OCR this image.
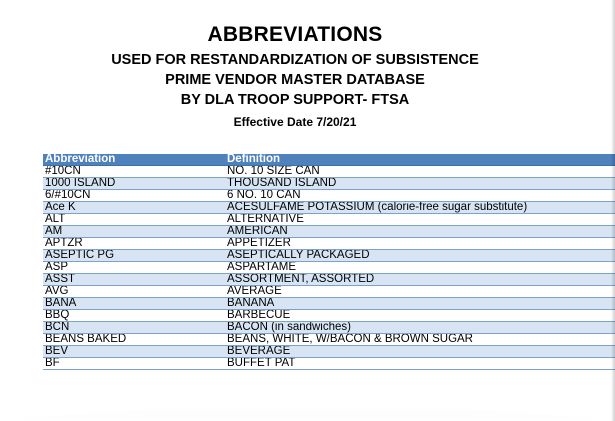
ABBREVIATIONS
USED FOR RESTANDARDIZATION OF SUBSISTENCE
PRIME VENDOR MASTER DATABASE
BY DLA TROOP SUPPORT- FTSA
Effective Date 7/20/21
Abbreviation	Definition
#10CN	NO. 10 SIZE CAN
1000 ISLAND	THOUSAND ISLAND
6/#10CN	6 NO. 10 CAN
Ace K	ACESULFAME POTASSIUM (calorie-free sugar substitute)
ALT	ALTERNATIVE
AM	AMERICAN
APTZR	APPETIZER
ASEPTIC PG	ASEPTICALLY PACKAGED
ASP	ASPARTAME
ASST	ASSORTMENT, ASSORTED
AVG	AVERAGE
BANA	BANANA
BBQ	BARBECUE
BCN	BACON (in sandwiches)
BEANS BAKED	BEANS, WHITE, W/BACON & BROWN SUGAR
BEV	BEVERAGE
BF	BUFFET PAT
